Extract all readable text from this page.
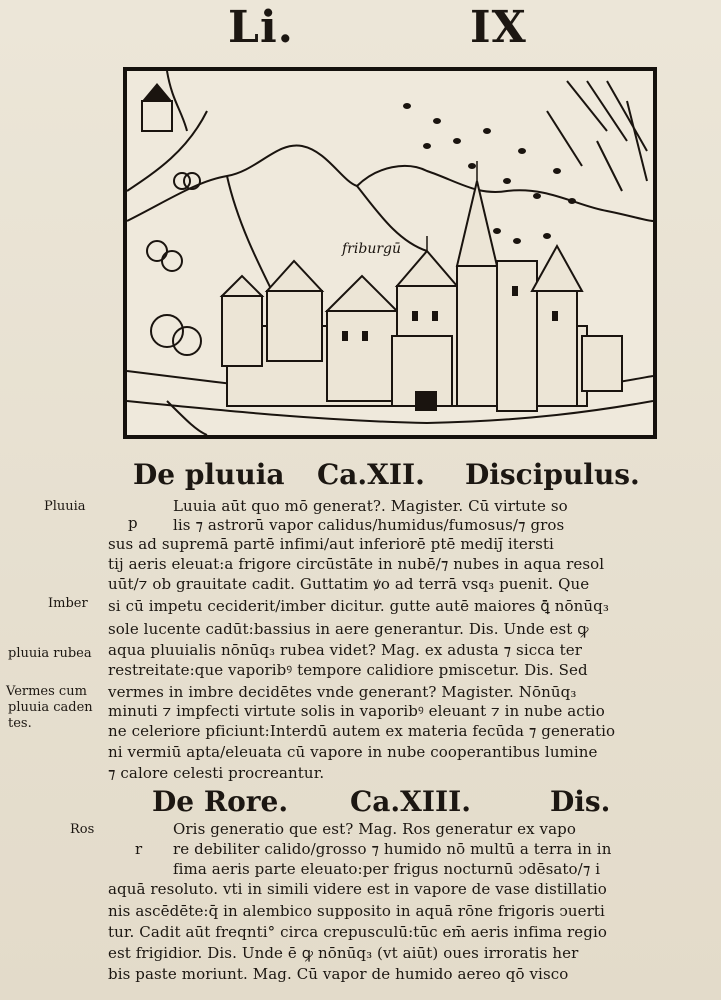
Li.	IX
friburgū
De pluuia Ca.XII. Discipulus.
Pluuia
p
Imber
pluuia rubea
Vermes cum
pluuia caden
tes.
Luuia aūt quo mō generat?. Magister. Cū virtute so
lis ⁊ astrorū vapor calidus/humidus/fumosus/⁊ gros
sus ad supremā partē infimi/aut inferiorē ptē mediȷ̄ itersti
tij aeris eleuat:a frigore circūstāte in nubē/⁊ nubes in aqua resol
uūt/⁊ ob grauitate cadit. Guttatim ꝟo ad terrā vsq₃ puenit. Que
si cū impetu ceciderit/imber dicitur. gutte autē maiores ꝗ̄ nōnūq₃
sole lucente cadūt:bassius in aere generantur. Dis. Unde est ꝙ
aqua pluuialis nōnūq₃ rubea videt? Mag. ex adusta ⁊ sicca ter
restreitate:que vaporibꝰ tempore calidiore pmiscetur. Dis. Sed
vermes in imbre decidētes vnde generant? Magister. Nōnūq₃
minuti ⁊ impfecti virtute solis in vaporibꝰ eleuant ⁊ in nube actio
ne celeriore pficiunt:Interdū autem ex materia fecūda ⁊ generatio
ni vermiū apta/eleuata cū vapore in nube cooperantibus lumine
⁊ calore celesti procreantur.
De Rore. Ca.XIII.	Dis.
Ros
r
Oris generatio que est? Mag. Ros generatur ex vapo
re debiliter calido/grosso ⁊ humido nō multū a terra in in
fima aeris parte eleuato:per frigus nocturnū ↄdēsato/⁊ i
aquā resoluto. vti in simili videre est in vapore de vase distillatio
nis ascēdēte:q̄ in alembico supposito in aquā rōne frigoris ↄuerti
tur. Cadit aūt freqnti° circa crepusculū:tūc em̄ aeris infima regio
est frigidior. Dis. Unde ē ꝙ nōnūq₃ (vt aiūt) oues irroratis her
bis paste moriunt. Mag. Cū vapor de humido aereo qō visco
